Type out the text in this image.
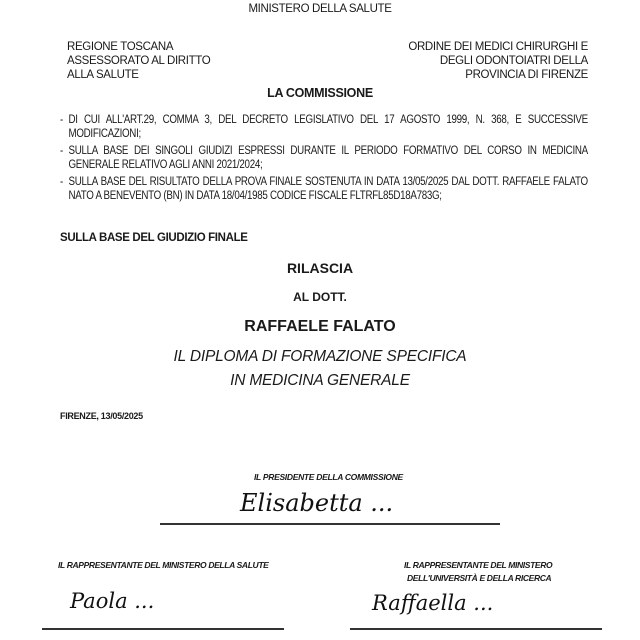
MINISTERO DELLA SALUTE
REGIONE TOSCANA
ASSESSORATO AL DIRITTO
ALLA SALUTE
ORDINE DEI MEDICI CHIRURGHI E
DEGLI ODONTOIATRI DELLA
PROVINCIA DI FIRENZE
LA COMMISSIONE
- DI CUI ALL'ART.29, COMMA 3, DEL DECRETO LEGISLATIVO DEL 17 AGOSTO 1999, N. 368, E SUCCESSIVE MODIFICAZIONI;
- SULLA BASE DEI SINGOLI GIUDIZI ESPRESSI DURANTE IL PERIODO FORMATIVO DEL CORSO IN MEDICINA GENERALE RELATIVO AGLI ANNI 2021/2024;
- SULLA BASE DEL RISULTATO DELLA PROVA FINALE SOSTENUTA IN DATA 13/05/2025 DAL DOTT. RAFFAELE FALATO NATO A BENEVENTO (BN) IN DATA 18/04/1985 CODICE FISCALE FLTRFL85D18A783G;
SULLA BASE DEL GIUDIZIO FINALE
RILASCIA
AL DOTT.
RAFFAELE FALATO
IL DIPLOMA DI FORMAZIONE SPECIFICA
IN MEDICINA GENERALE
FIRENZE, 13/05/2025
IL PRESIDENTE DELLA COMMISSIONE
Elisabetta ...
IL RAPPRESENTANTE DEL MINISTERO DELLA SALUTE
Paola ...
IL RAPPRESENTANTE DEL MINISTERO
DELL'UNIVERSITÀ E DELLA RICERCA
Raffaella ...
